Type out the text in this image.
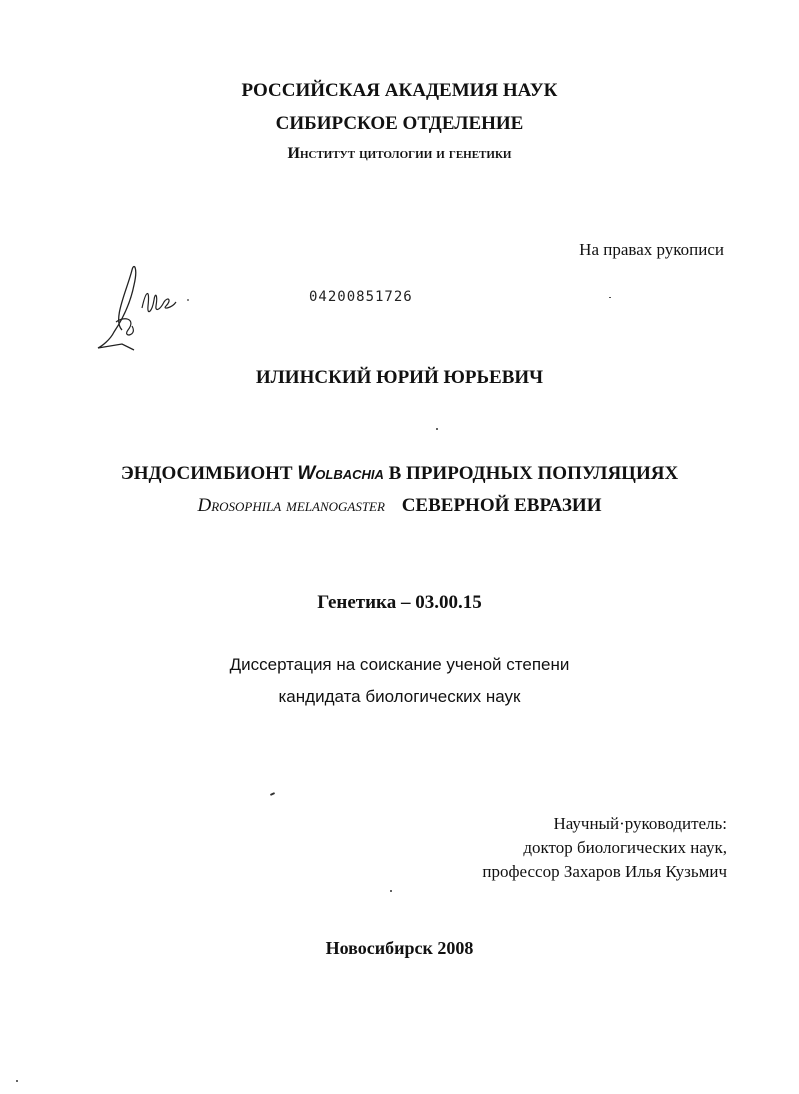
РОССИЙСКАЯ АКАДЕМИЯ НАУК

СИБИРСКОЕ ОТДЕЛЕНИЕ

Институт цитологии и генетики

На правах рукописи

04200851726

ИЛИНСКИЙ ЮРИЙ ЮРЬЕВИЧ

ЭНДОСИМБИОНТ Wolbachia В ПРИРОДНЫХ ПОПУЛЯЦИЯХ

Drosophila melanogaster СЕВЕРНОЙ ЕВРАЗИИ

Генетика – 03.00.15

Диссертация на соискание ученой степени

кандидата биологических наук

Научный·руководитель:
доктор биологических наук,
профессор Захаров Илья Кузьмич

Новосибирск 2008
